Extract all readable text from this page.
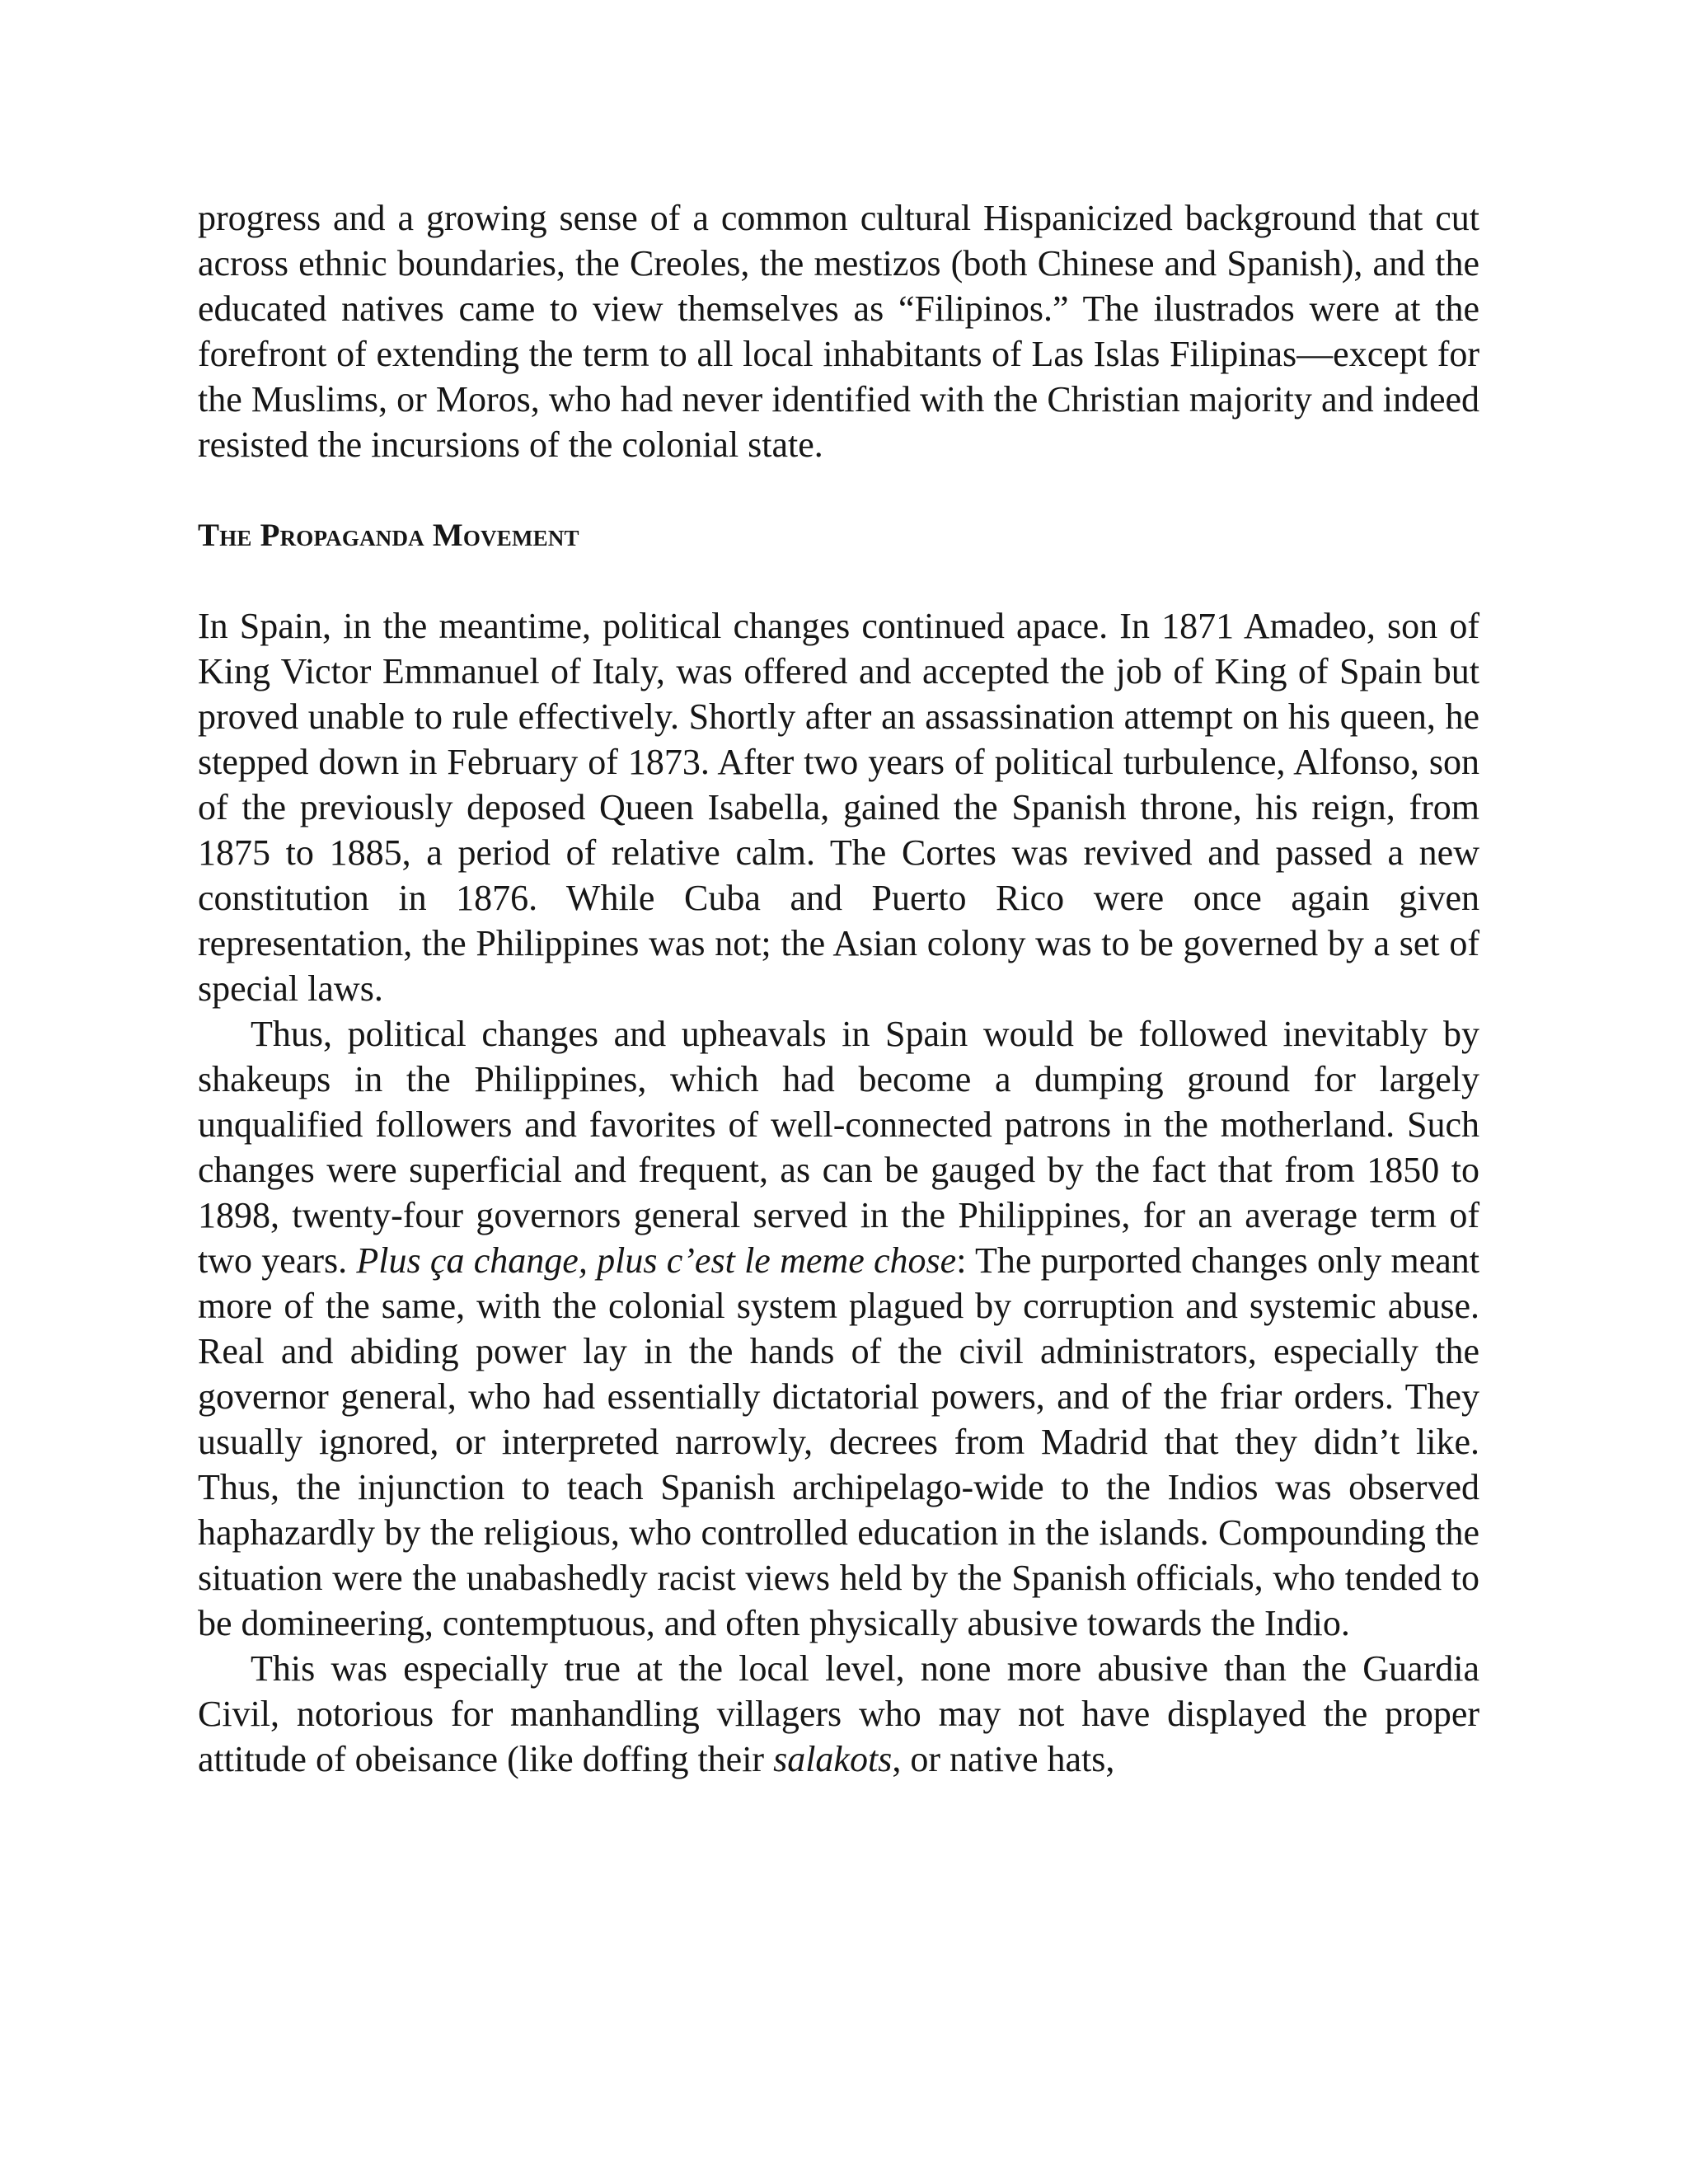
progress and a growing sense of a common cultural Hispanicized background that cut across ethnic boundaries, the Creoles, the mestizos (both Chinese and Spanish), and the educated natives came to view themselves as “Filipinos.” The ilustrados were at the forefront of extending the term to all local inhabitants of Las Islas Filipinas—except for the Muslims, or Moros, who had never identified with the Christian majority and indeed resisted the incursions of the colonial state.

The Propaganda Movement

In Spain, in the meantime, political changes continued apace. In 1871 Amadeo, son of King Victor Emmanuel of Italy, was offered and accepted the job of King of Spain but proved unable to rule effectively. Shortly after an assassination attempt on his queen, he stepped down in February of 1873. After two years of political turbulence, Alfonso, son of the previously deposed Queen Isabella, gained the Spanish throne, his reign, from 1875 to 1885, a period of relative calm. The Cortes was revived and passed a new constitution in 1876. While Cuba and Puerto Rico were once again given representation, the Philippines was not; the Asian colony was to be governed by a set of special laws.

Thus, political changes and upheavals in Spain would be followed inevitably by shakeups in the Philippines, which had become a dumping ground for largely unqualified followers and favorites of well-connected patrons in the motherland. Such changes were superficial and frequent, as can be gauged by the fact that from 1850 to 1898, twenty-four governors general served in the Philippines, for an average term of two years. Plus ça change, plus c’est le meme chose: The purported changes only meant more of the same, with the colonial system plagued by corruption and systemic abuse. Real and abiding power lay in the hands of the civil administrators, especially the governor general, who had essentially dictatorial powers, and of the friar orders. They usually ignored, or interpreted narrowly, decrees from Madrid that they didn’t like. Thus, the injunction to teach Spanish archipelago-wide to the Indios was observed haphazardly by the religious, who controlled education in the islands. Compounding the situation were the unabashedly racist views held by the Spanish officials, who tended to be domineering, contemptuous, and often physically abusive towards the Indio.

This was especially true at the local level, none more abusive than the Guardia Civil, notorious for manhandling villagers who may not have displayed the proper attitude of obeisance (like doffing their salakots, or native hats,
